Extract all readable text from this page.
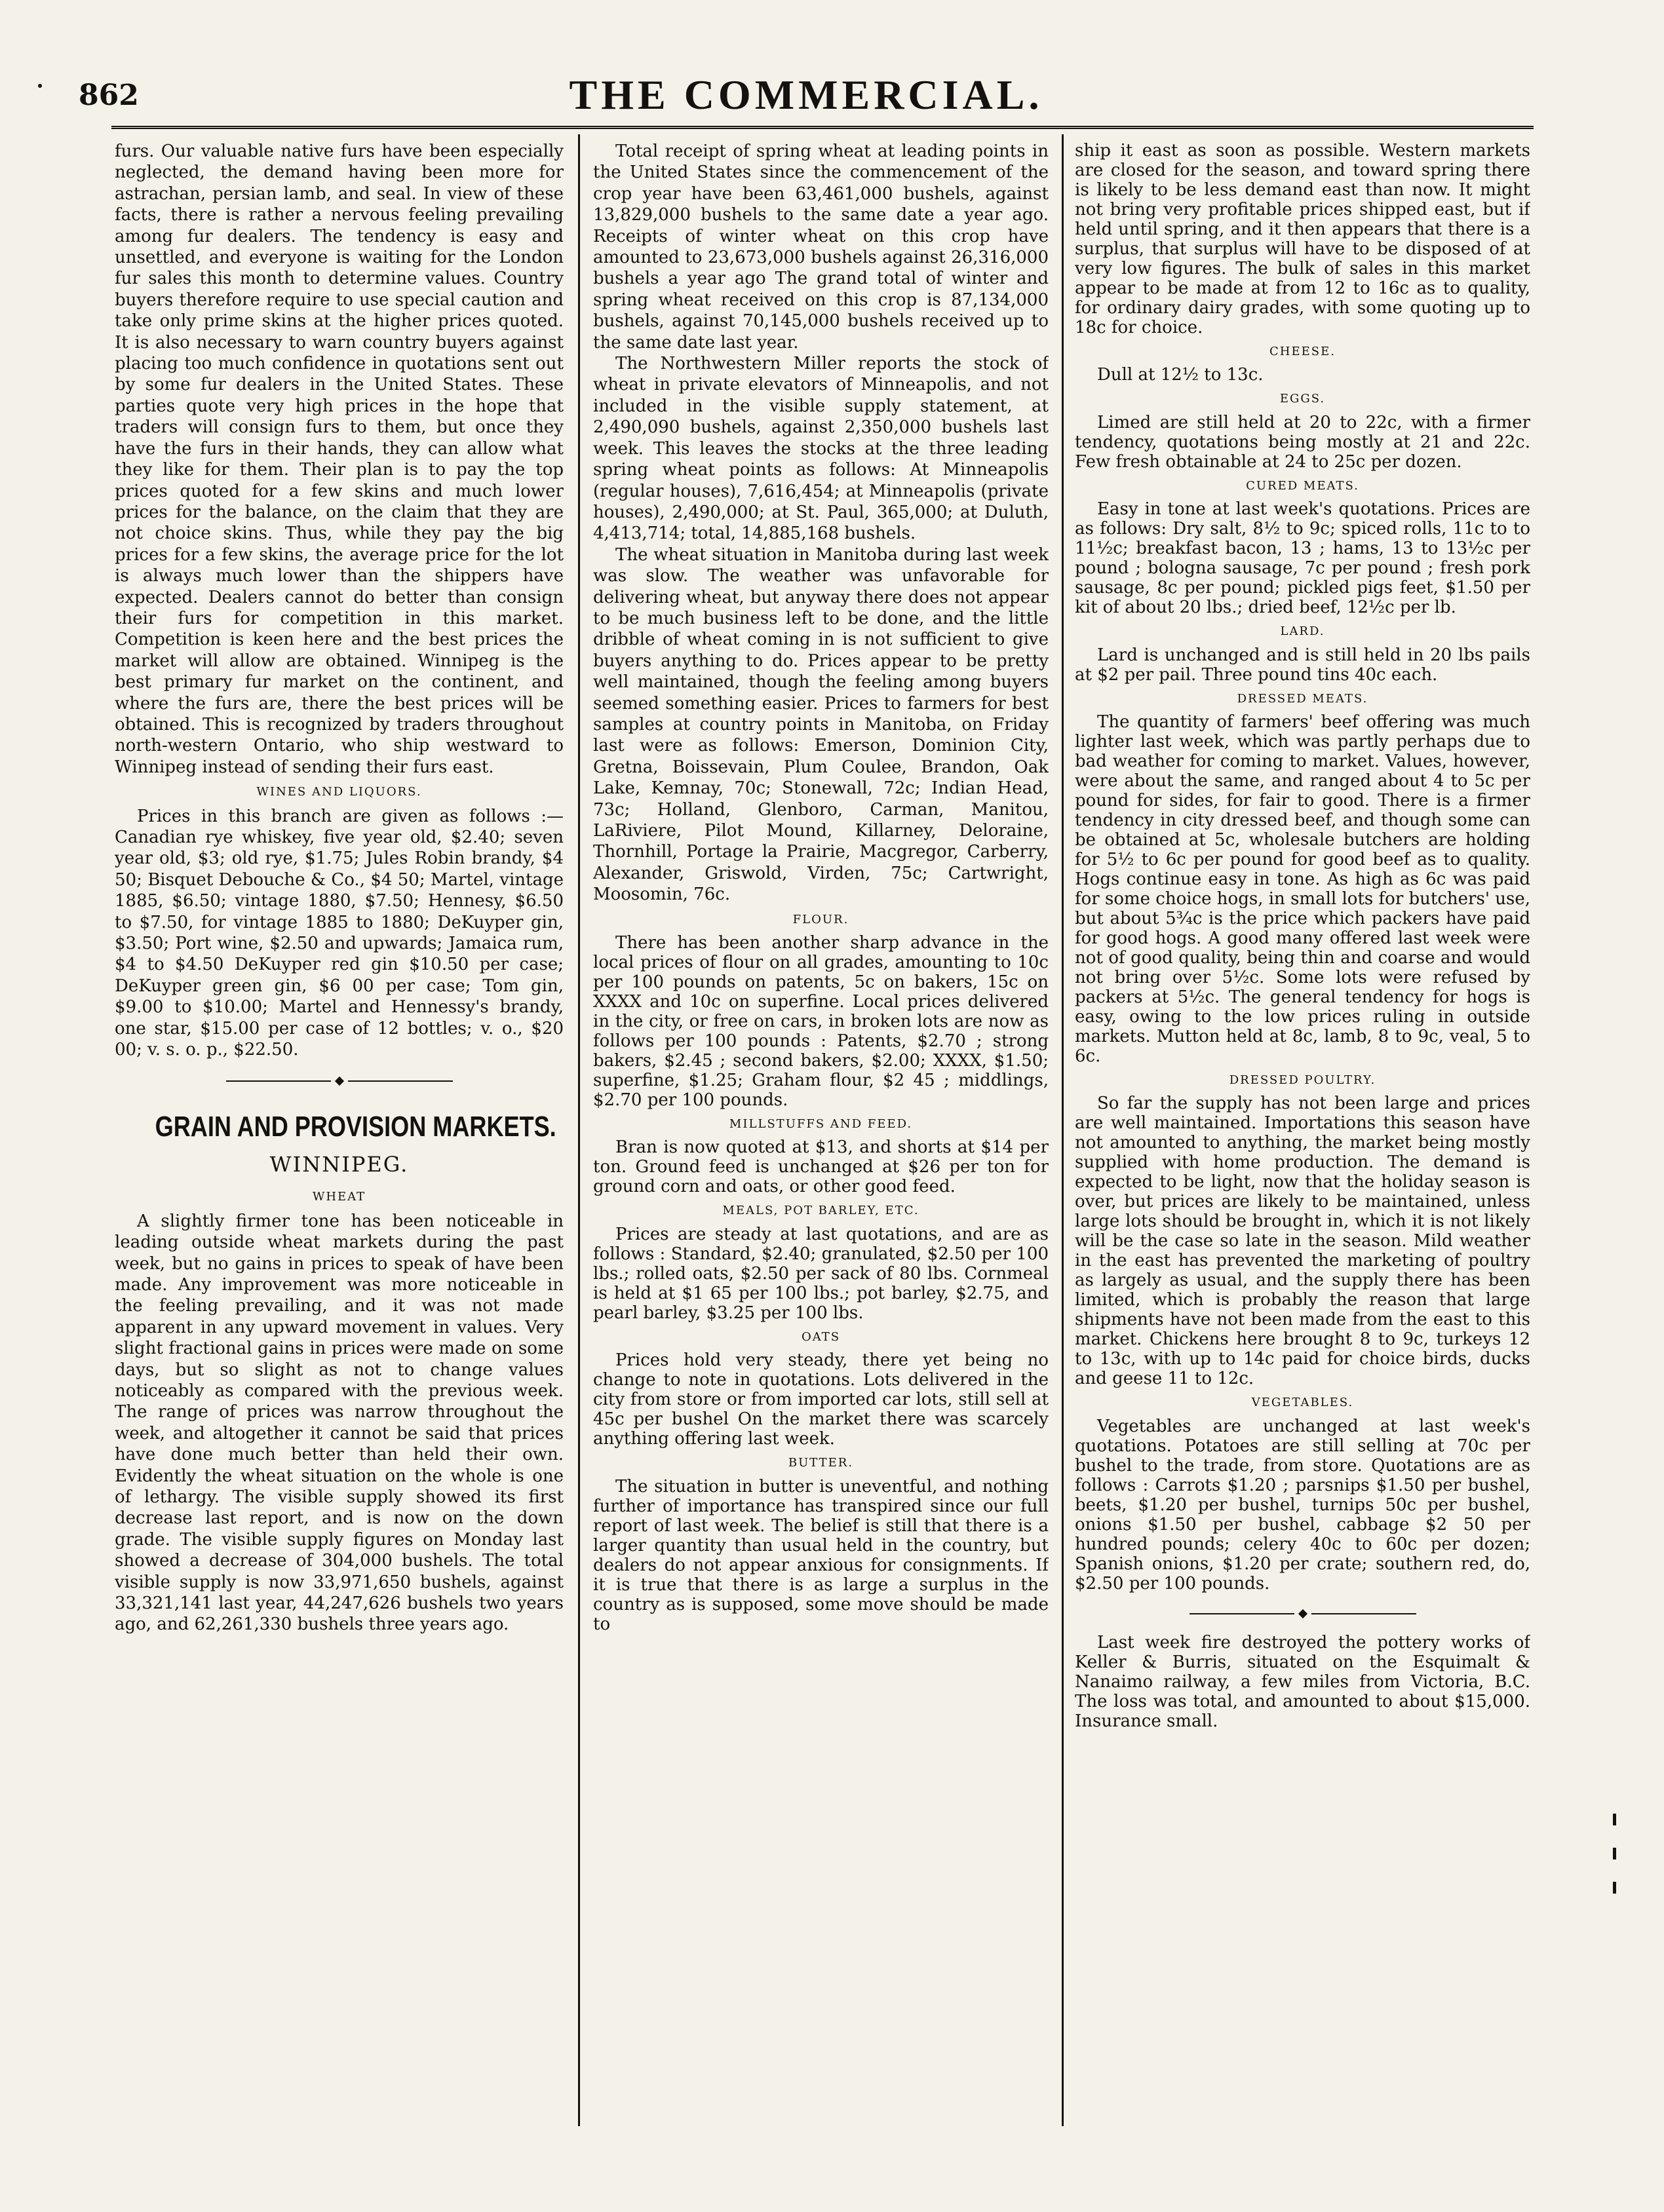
862	THE COMMERCIAL.

furs. Our valuable native furs have been especially neglected, the demand having been more for astrachan, persian lamb, and seal. In view of these facts, there is rather a nervous feeling prevailing among fur dealers. The tendency is easy and unsettled, and everyone is waiting for the London fur sales this month to determine values. Country buyers therefore require to use special caution and take only prime skins at the higher prices quoted. It is also necessary to warn country buyers against placing too much confidence in quotations sent out by some fur dealers in the United States. These parties quote very high prices in the hope that traders will consign furs to them, but once they have the furs in their hands, they can allow what they like for them. Their plan is to pay the top prices quoted for a few skins and much lower prices for the balance, on the claim that they are not choice skins. Thus, while they pay the big prices for a few skins, the average price for the lot is always much lower than the shippers have expected. Dealers cannot do better than consign their furs for competition in this market. Competition is keen here and the best prices the market will allow are obtained. Winnipeg is the best primary fur market on the continent, and where the furs are, there the best prices will be obtained. This is recognized by traders throughout north-western Ontario, who ship westward to Winnipeg instead of sending their furs east.

WINES AND LIQUORS.

Prices in this branch are given as follows :— Canadian rye whiskey, five year old, $2.40; seven year old, $3; old rye, $1.75; Jules Robin brandy, $4 50; Bisquet Debouche & Co., $4 50; Martel, vintage 1885, $6.50; vintage 1880, $7.50; Hennesy, $6.50 to $7.50, for vintage 1885 to 1880; DeKuyper gin, $3.50; Port wine, $2.50 and upwards; Jamaica rum, $4 to $4.50 DeKuyper red gin $10.50 per case; DeKuyper green gin, $6 00 per case; Tom gin, $9.00 to $10.00; Martel and Hennessy's brandy, one star, $15.00 per case of 12 bottles; v. o., $20 00; v. s. o. p., $22.50.

GRAIN AND PROVISION MARKETS.
WINNIPEG.
WHEAT

A slightly firmer tone has been noticeable in leading outside wheat markets during the past week, but no gains in prices to speak of have been made. Any improvement was more noticeable in the feeling prevailing, and it was not made apparent in any upward movement in values. Very slight fractional gains in prices were made on some days, but so slight as not to change values noticeably as compared with the previous week. The range of prices was narrow throughout the week, and altogether it cannot be said that prices have done much better than held their own. Evidently the wheat situation on the whole is one of lethargy. The visible supply showed its first decrease last report, and is now on the down grade. The visible supply figures on Monday last showed a decrease of 304,000 bushels. The total visible supply is now 33,971,650 bushels, against 33,321,141 last year, 44,247,626 bushels two years ago, and 62,261,330 bushels three years ago.

Total receipt of spring wheat at leading points in the United States since the commencement of the crop year have been 63,461,000 bushels, against 13,829,000 bushels to the same date a year ago. Receipts of winter wheat on this crop have amounted to 23,673,000 bushels against 26,316,000 bushels a year ago The grand total of winter and spring wheat received on this crop is 87,134,000 bushels, against 70,145,000 bushels received up to the same date last year.

The Northwestern Miller reports the stock of wheat in private elevators of Minneapolis, and not included in the visible supply statement, at 2,490,090 bushels, against 2,350,000 bushels last week. This leaves the stocks at the three leading spring wheat points as follows: At Minneapolis (regular houses), 7,616,454; at Minneapolis (private houses), 2,490,000; at St. Paul, 365,000; at Duluth, 4,413,714; total, 14,885,168 bushels.

The wheat situation in Manitoba during last week was slow. The weather was unfavorable for delivering wheat, but anyway there does not appear to be much business left to be done, and the little dribble of wheat coming in is not sufficient to give buyers anything to do. Prices appear to be pretty well maintained, though the feeling among buyers seemed something easier. Prices to farmers for best samples at country points in Manitoba, on Friday last were as follows: Emerson, Dominion City, Gretna, Boissevain, Plum Coulee, Brandon, Oak Lake, Kemnay, 70c; Stonewall, 72c; Indian Head, 73c; Holland, Glenboro, Carman, Manitou, LaRiviere, Pilot Mound, Killarney, Deloraine, Thornhill, Portage la Prairie, Macgregor, Carberry, Alexander, Griswold, Virden, 75c; Cartwright, Moosomin, 76c.

FLOUR.

There has been another sharp advance in the local prices of flour on all grades, amounting to 10c per 100 pounds on patents, 5c on bakers, 15c on XXXX and 10c on superfine. Local prices delivered in the city, or free on cars, in broken lots are now as follows per 100 pounds : Patents, $2.70 ; strong bakers, $2.45 ; second bakers, $2.00; XXXX, $1.50; superfine, $1.25; Graham flour, $2 45 ; middlings, $2.70 per 100 pounds.

MILLSTUFFS AND FEED.

Bran is now quoted at $13, and shorts at $14 per ton. Ground feed is unchanged at $26 per ton for ground corn and oats, or other good feed.

MEALS, POT BARLEY, ETC.

Prices are steady at last quotations, and are as follows : Standard, $2.40; granulated, $2.50 per 100 lbs.; rolled oats, $2.50 per sack of 80 lbs. Cornmeal is held at $1 65 per 100 lbs.; pot barley, $2.75, and pearl barley, $3.25 per 100 lbs.

OATS

Prices hold very steady, there yet being no change to note in quotations. Lots delivered in the city from store or from imported car lots, still sell at 45c per bushel On the market there was scarcely anything offering last week.

BUTTER.

The situation in butter is uneventful, and nothing further of importance has transpired since our full report of last week. The belief is still that there is a larger quantity than usual held in the country, but dealers do not appear anxious for consignments. If it is true that there is as large a surplus in the country as is supposed, some move should be made to

ship it east as soon as possible. Western markets are closed for the season, and toward spring there is likely to be less demand east than now. It might not bring very profitable prices shipped east, but if held until spring, and it then appears that there is a surplus, that surplus will have to be disposed of at very low figures. The bulk of sales in this market appear to be made at from 12 to 16c as to quality, for ordinary dairy grades, with some quoting up to 18c for choice.

CHEESE.

Dull at 12½ to 13c.

EGGS.

Limed are still held at 20 to 22c, with a firmer tendency, quotations being mostly at 21 and 22c. Few fresh obtainable at 24 to 25c per dozen.

CURED MEATS.

Easy in tone at last week's quotations. Prices are as follows: Dry salt, 8½ to 9c; spiced rolls, 11c to to 11½c; breakfast bacon, 13 ; hams, 13 to 13½c per pound ; bologna sausage, 7c per pound ; fresh pork sausage, 8c per pound; pickled pigs feet, $1.50 per kit of about 20 lbs.; dried beef, 12½c per lb.

LARD.

Lard is unchanged and is still held in 20 lbs pails at $2 per pail. Three pound tins 40c each.

DRESSED MEATS.

The quantity of farmers' beef offering was much lighter last week, which was partly perhaps due to bad weather for coming to market. Values, however, were about the same, and ranged about 4 to 5c per pound for sides, for fair to good. There is a firmer tendency in city dressed beef, and though some can be obtained at 5c, wholesale butchers are holding for 5½ to 6c per pound for good beef as to quality. Hogs continue easy in tone. As high as 6c was paid for some choice hogs, in small lots for butchers' use, but about 5¾c is the price which packers have paid for good hogs. A good many offered last week were not of good quality, being thin and coarse and would not bring over 5½c. Some lots were refused by packers at 5½c. The general tendency for hogs is easy, owing to the low prices ruling in outside markets. Mutton held at 8c, lamb, 8 to 9c, veal, 5 to 6c.

DRESSED POULTRY.

So far the supply has not been large and prices are well maintained. Importations this season have not amounted to anything, the market being mostly supplied with home production. The demand is expected to be light, now that the holiday season is over, but prices are likely to be maintained, unless large lots should be brought in, which it is not likely will be the case so late in the season. Mild weather in the east has prevented the marketing of poultry as largely as usual, and the supply there has been limited, which is probably the reason that large shipments have not been made from the east to this market. Chickens here brought 8 to 9c, turkeys 12 to 13c, with up to 14c paid for choice birds, ducks and geese 11 to 12c.

VEGETABLES.

Vegetables are unchanged at last week's quotations. Potatoes are still selling at 70c per bushel to the trade, from store. Quotations are as follows : Carrots $1.20 ; parsnips $1.50 per bushel, beets, $1.20 per bushel, turnips 50c per bushel, onions $1.50 per bushel, cabbage $2 50 per hundred pounds; celery 40c to 60c per dozen; Spanish onions, $1.20 per crate; southern red, do, $2.50 per 100 pounds.

Last week fire destroyed the pottery works of Keller & Burris, situated on the Esquimalt & Nanaimo railway, a few miles from Victoria, B.C. The loss was total, and amounted to about $15,000. Insurance small.
